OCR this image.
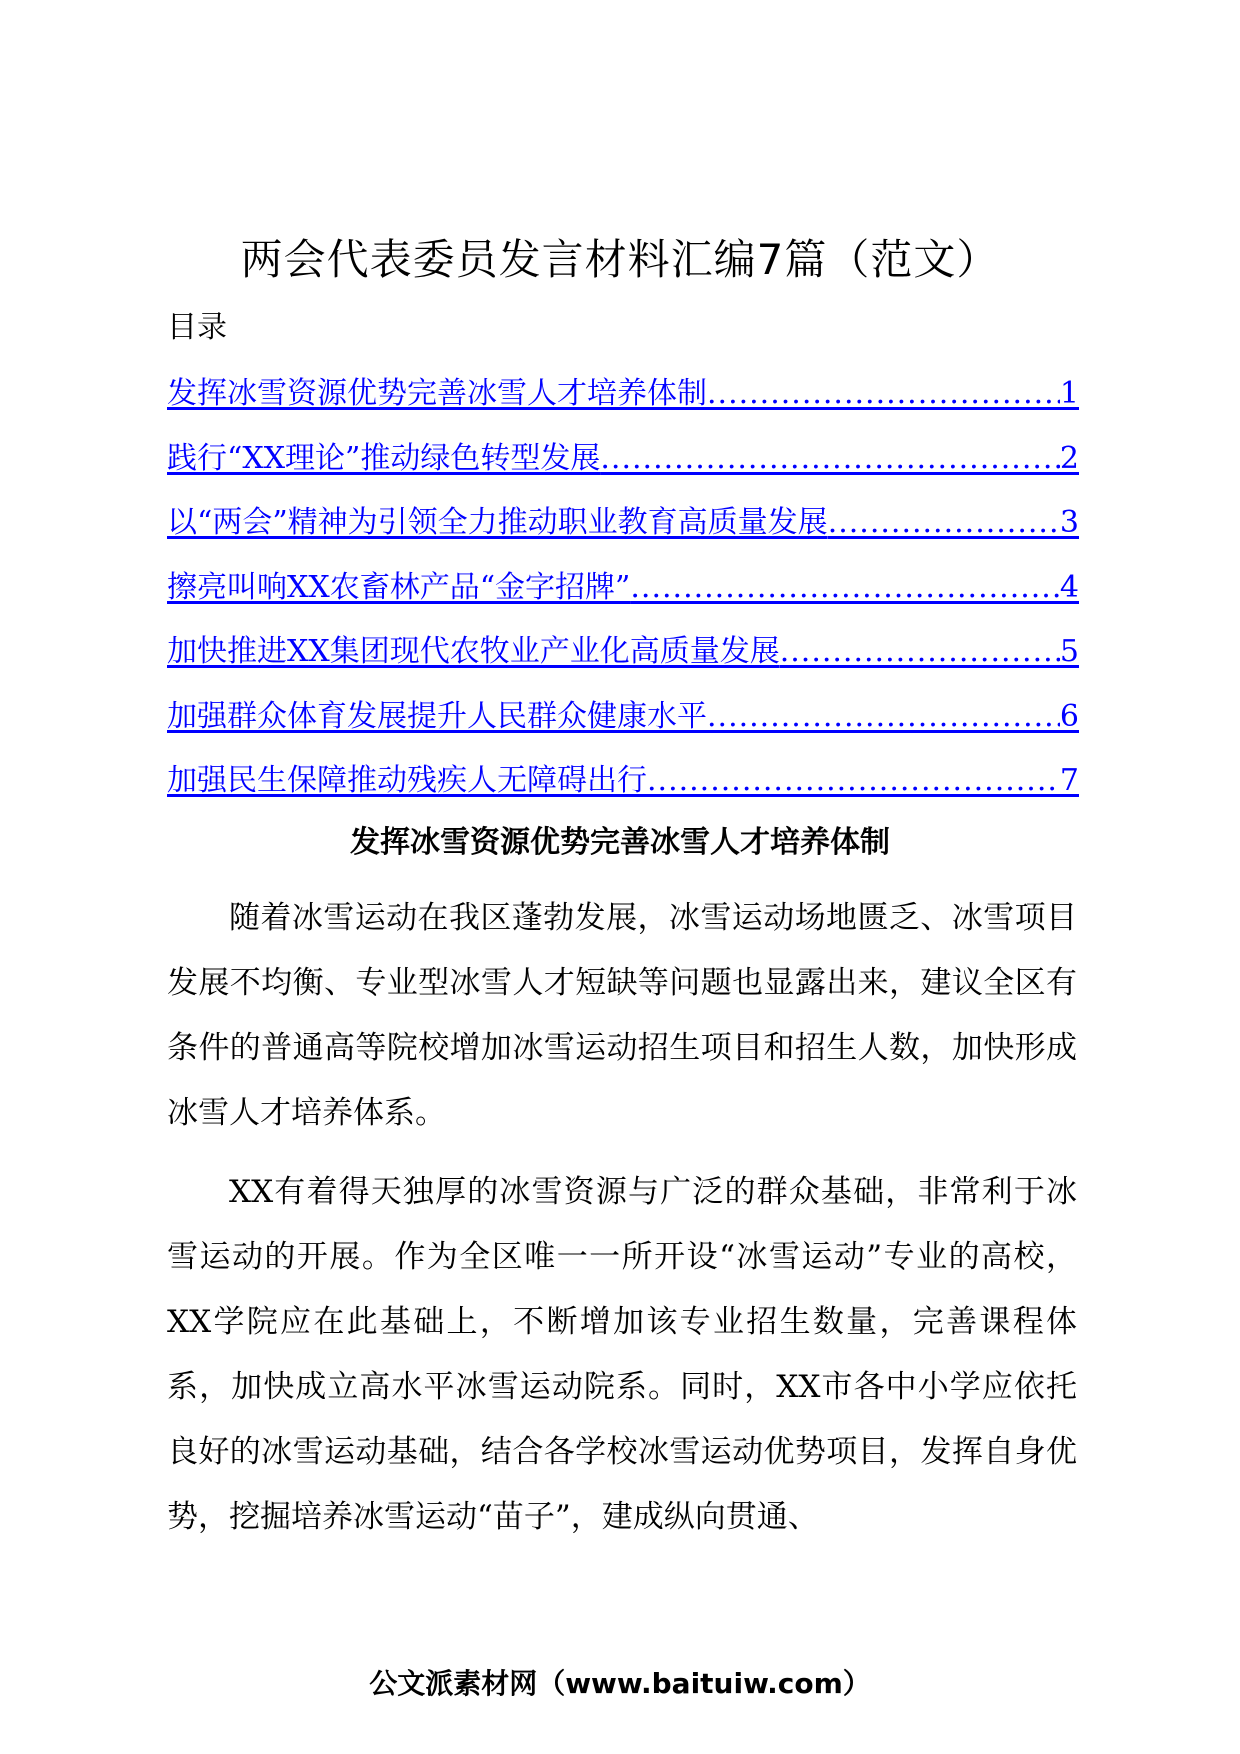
两会代表委员发言材料汇编7篇（范文）
目录
发挥冰雪资源优势完善冰雪人才培养体制 .....	1
践行“XX理论”推动绿色转型发展 .....	2
以“两会”精神为引领全力推动职业教育高质量发展 .....	3
擦亮叫响XX农畜林产品“金字招牌” .....	4
加快推进XX集团现代农牧业产业化高质量发展 .....	5
加强群众体育发展提升人民群众健康水平 .....	6
加强民生保障推动残疾人无障碍出行 .....	7
发挥冰雪资源优势完善冰雪人才培养体制

随着冰雪运动在我区蓬勃发展，冰雪运动场地匮乏、冰雪项目发展不均衡、专业型冰雪人才短缺等问题也显露出来，建议全区有条件的普通高等院校增加冰雪运动招生项目和招生人数，加快形成冰雪人才培养体系。

XX有着得天独厚的冰雪资源与广泛的群众基础，非常利于冰雪运动的开展。作为全区唯一一所开设“冰雪运动”专业的高校，XX学院应在此基础上，不断增加该专业招生数量，完善课程体系，加快成立高水平冰雪运动院系。同时，XX市各中小学应依托良好的冰雪运动基础，结合各学校冰雪运动优势项目，发挥自身优势，挖掘培养冰雪运动“苗子”，建成纵向贯通、

公文派素材网（www.baituiw.com）
